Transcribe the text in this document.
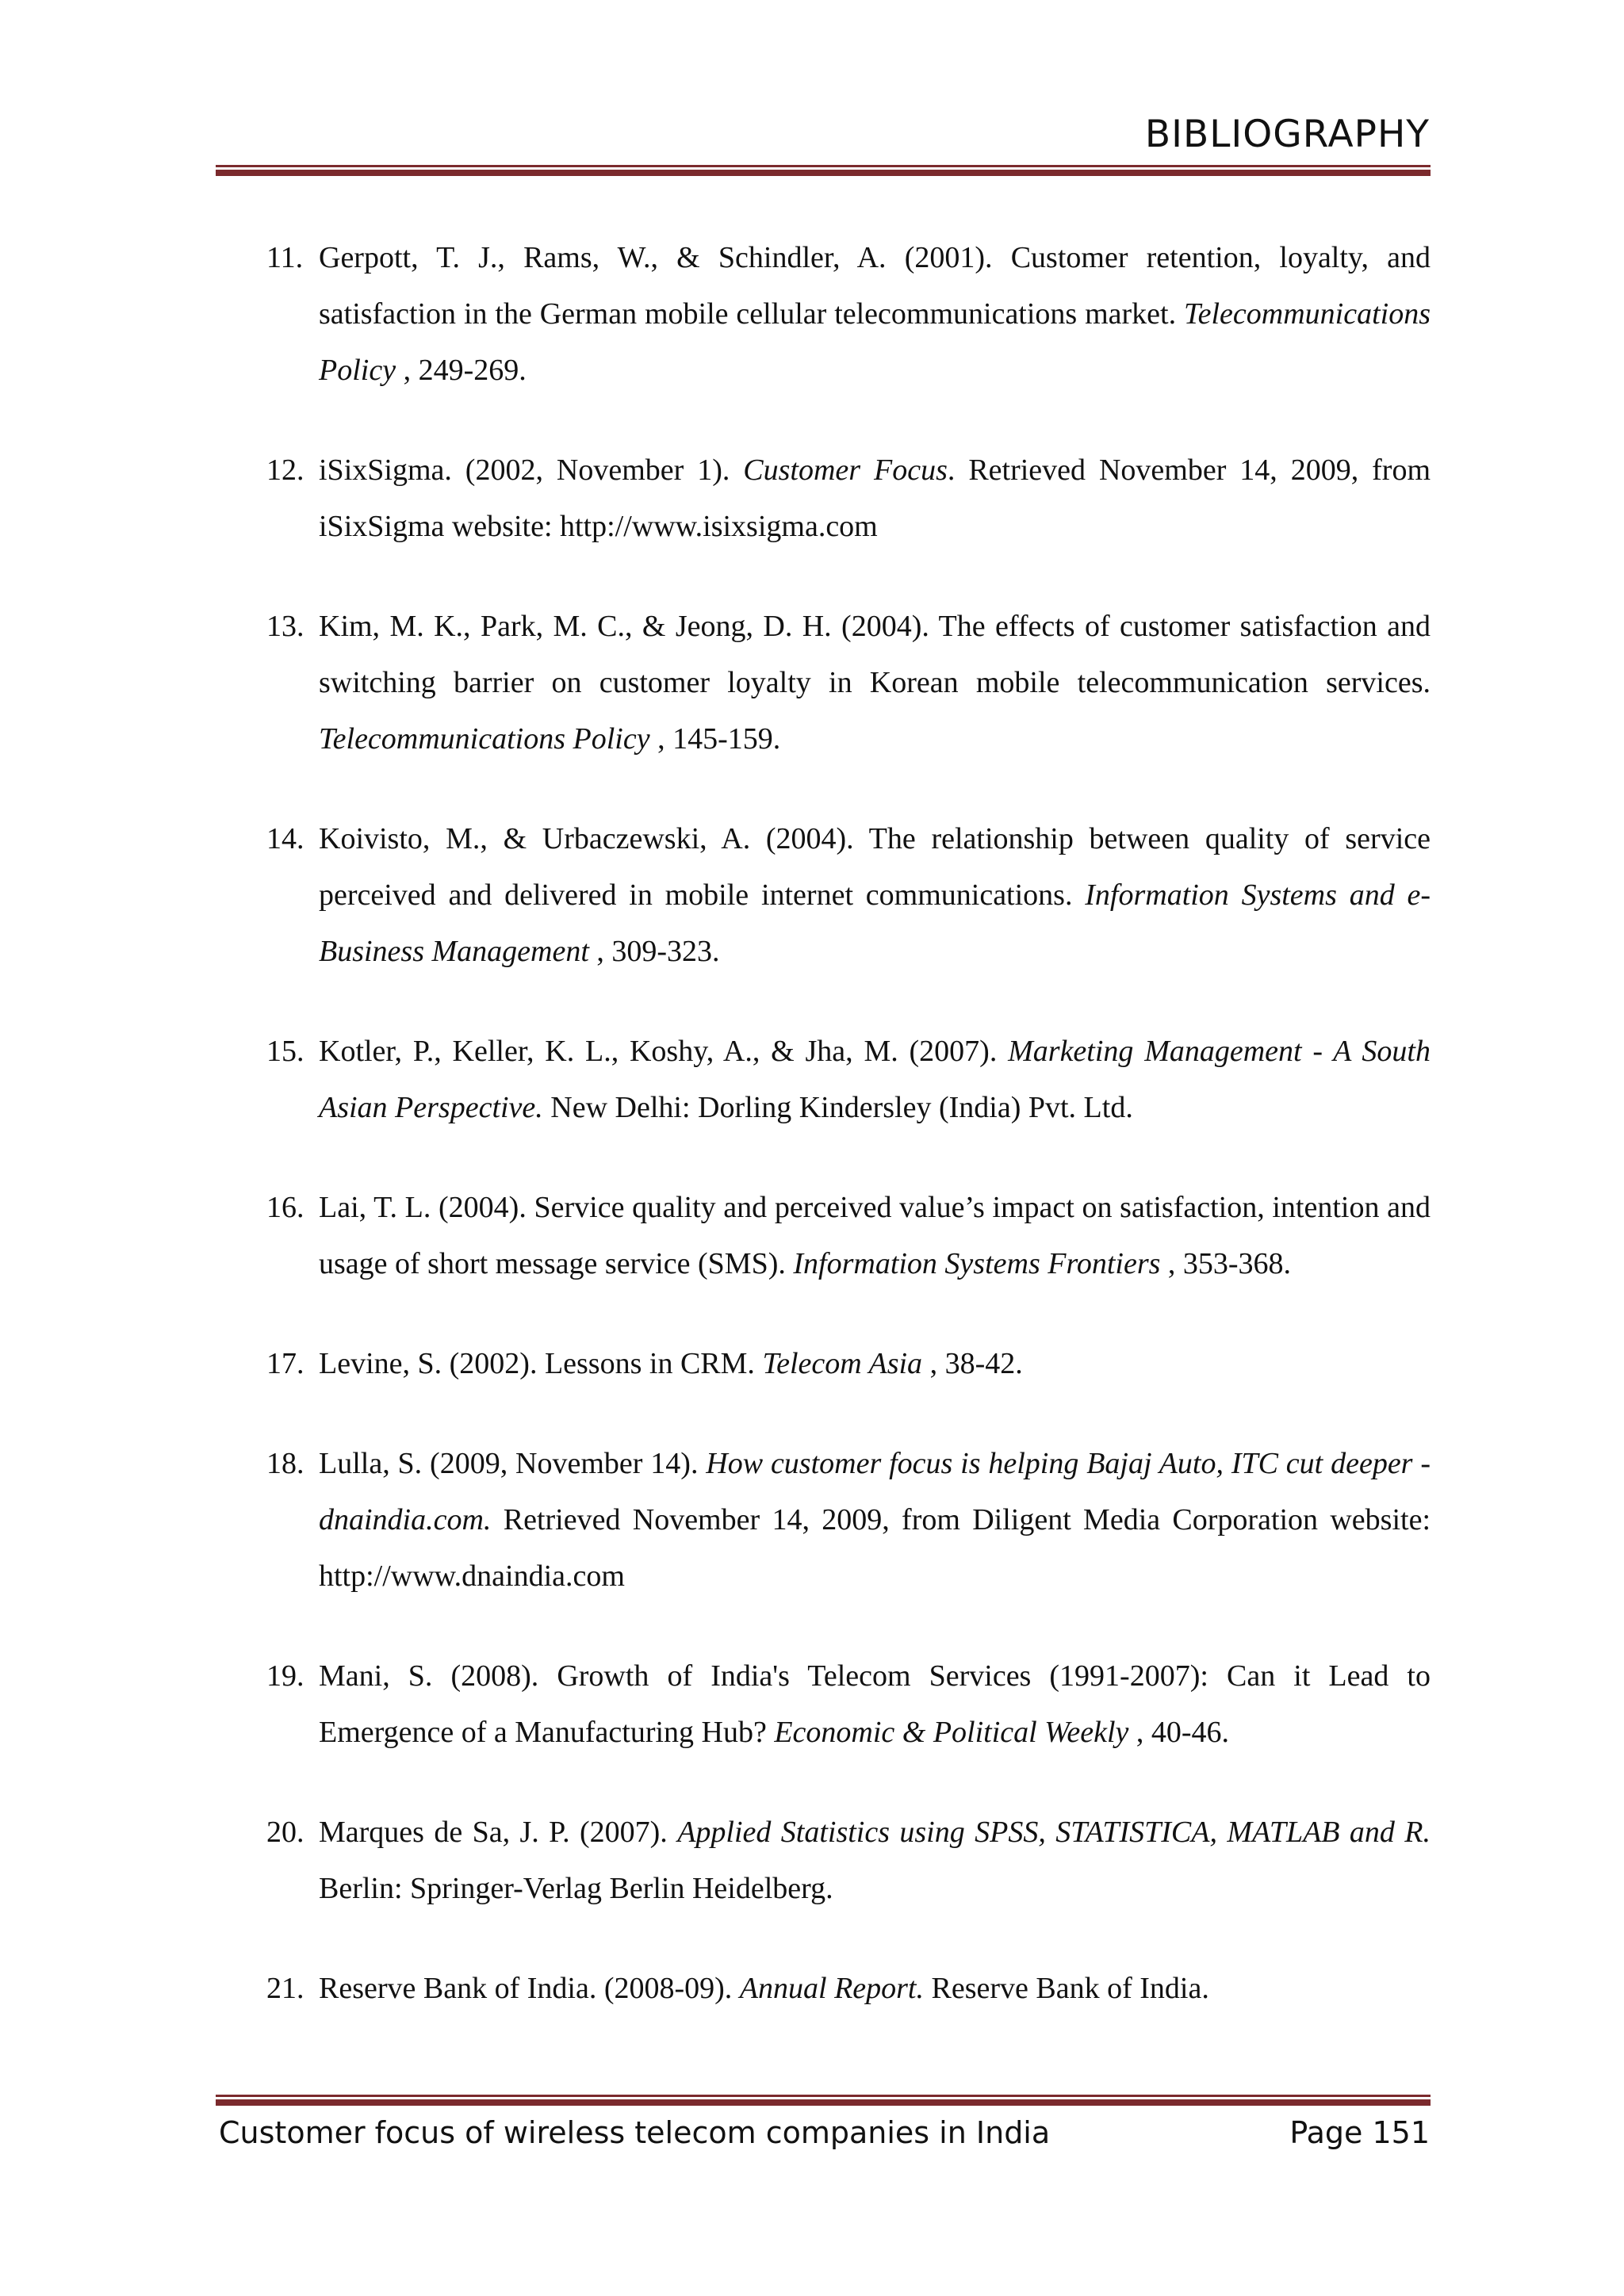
BIBLIOGRAPHY
11. Gerpott, T. J., Rams, W., & Schindler, A. (2001). Customer retention, loyalty, and satisfaction in the German mobile cellular telecommunications market. Telecommunications Policy , 249-269.
12. iSixSigma. (2002, November 1). Customer Focus. Retrieved November 14, 2009, from iSixSigma website: http://www.isixsigma.com
13. Kim, M. K., Park, M. C., & Jeong, D. H. (2004). The effects of customer satisfaction and switching barrier on customer loyalty in Korean mobile telecommunication services. Telecommunications Policy , 145-159.
14. Koivisto, M., & Urbaczewski, A. (2004). The relationship between quality of service perceived and delivered in mobile internet communications. Information Systems and e-Business Management , 309-323.
15. Kotler, P., Keller, K. L., Koshy, A., & Jha, M. (2007). Marketing Management - A South Asian Perspective. New Delhi: Dorling Kindersley (India) Pvt. Ltd.
16. Lai, T. L. (2004). Service quality and perceived value’s impact on satisfaction, intention and usage of short message service (SMS). Information Systems Frontiers , 353-368.
17. Levine, S. (2002). Lessons in CRM. Telecom Asia , 38-42.
18. Lulla, S. (2009, November 14). How customer focus is helping Bajaj Auto, ITC cut deeper - dnaindia.com. Retrieved November 14, 2009, from Diligent Media Corporation website: http://www.dnaindia.com
19. Mani, S. (2008). Growth of India's Telecom Services (1991-2007): Can it Lead to Emergence of a Manufacturing Hub? Economic & Political Weekly , 40-46.
20. Marques de Sa, J. P. (2007). Applied Statistics using SPSS, STATISTICA, MATLAB and R. Berlin: Springer-Verlag Berlin Heidelberg.
21. Reserve Bank of India. (2008-09). Annual Report. Reserve Bank of India.
Customer focus of wireless telecom companies in India	Page 151
